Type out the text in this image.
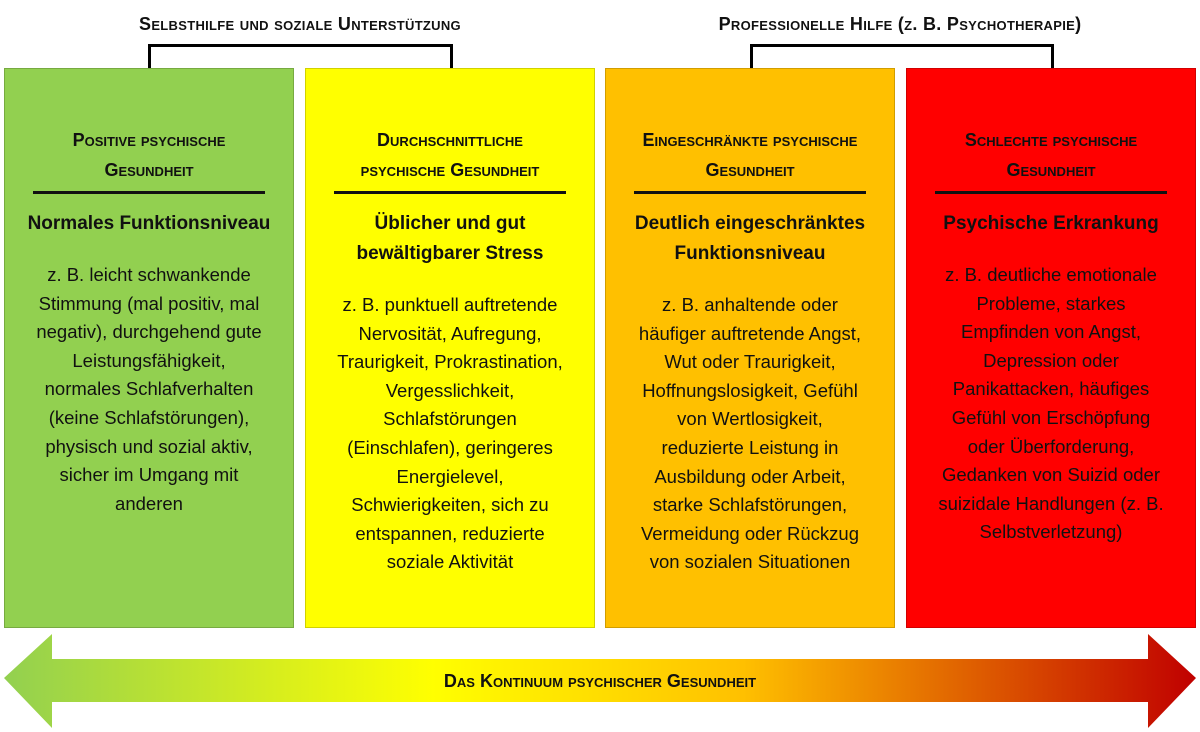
Selbsthilfe und soziale Unterstützung	Professionelle Hilfe (z. B. Psychotherapie)
Positive psychische
Gesundheit
Normales Funktionsniveau
z. B. leicht schwankende
Stimmung (mal positiv, mal
negativ), durchgehend gute
Leistungsfähigkeit,
normales Schlafverhalten
(keine Schlafstörungen),
physisch und sozial aktiv,
sicher im Umgang mit
anderen
Durchschnittliche
psychische Gesundheit
Üblicher und gut
bewältigbarer Stress
z. B. punktuell auftretende
Nervosität, Aufregung,
Traurigkeit, Prokrastination,
Vergesslichkeit,
Schlafstörungen
(Einschlafen), geringeres
Energielevel,
Schwierigkeiten, sich zu
entspannen, reduzierte
soziale Aktivität
Eingeschränkte psychische
Gesundheit
Deutlich eingeschränktes
Funktionsniveau
z. B. anhaltende oder
häufiger auftretende Angst,
Wut oder Traurigkeit,
Hoffnungslosigkeit, Gefühl
von Wertlosigkeit,
reduzierte Leistung in
Ausbildung oder Arbeit,
starke Schlafstörungen,
Vermeidung oder Rückzug
von sozialen Situationen
Schlechte psychische
Gesundheit
Psychische Erkrankung
z. B. deutliche emotionale
Probleme, starkes
Empfinden von Angst,
Depression oder
Panikattacken, häufiges
Gefühl von Erschöpfung
oder Überforderung,
Gedanken von Suizid oder
suizidale Handlungen (z. B.
Selbstverletzung)
Das Kontinuum psychischer Gesundheit
